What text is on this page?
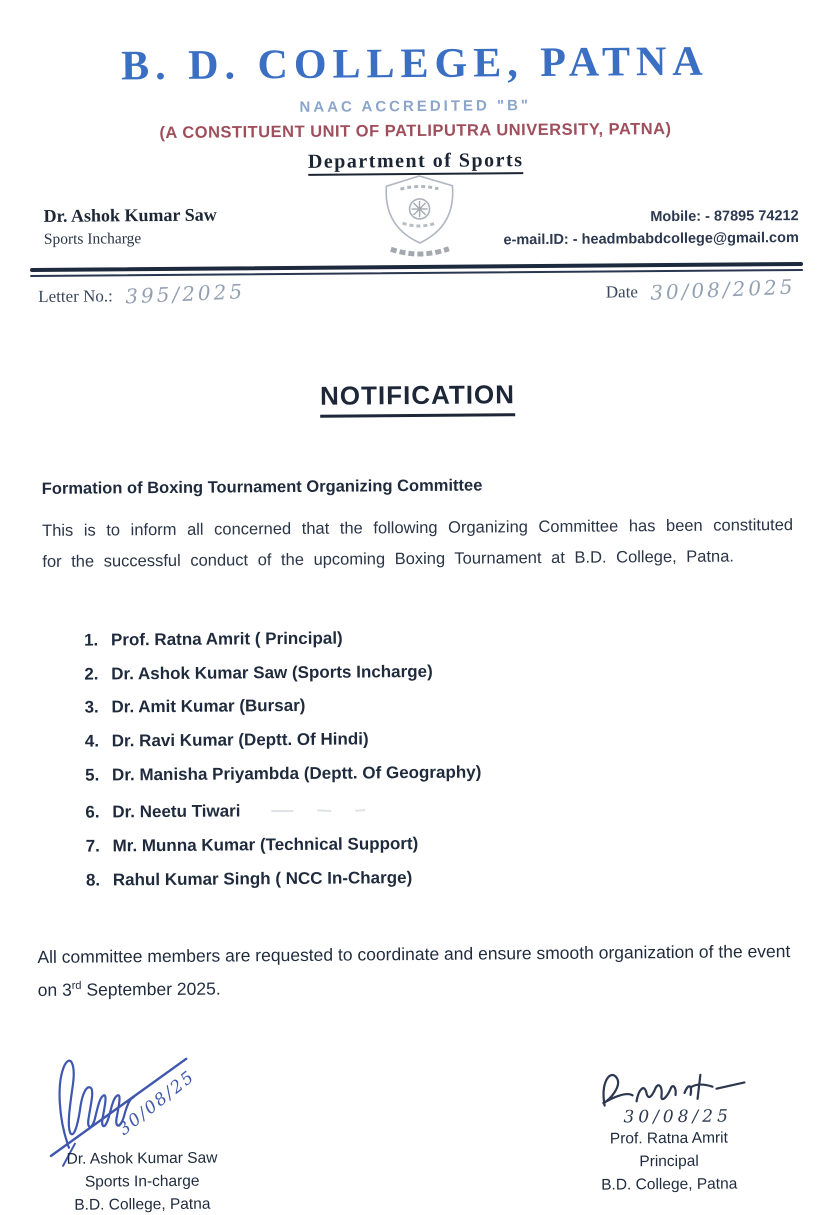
B. D. COLLEGE, PATNA
NAAC ACCREDITED "B"
(A CONSTITUENT UNIT OF PATLIPUTRA UNIVERSITY, PATNA)
Department of Sports
Dr. Ashok Kumar Saw
Sports Incharge
Mobile: - 87895 74212
e-mail.ID: - headmbabdcollege@gmail.com
Letter No.: 395/2025	Date 30/08/2025
NOTIFICATION
Formation of Boxing Tournament Organizing Committee
This is to inform all concerned that the following Organizing Committee has been constituted for the successful conduct of the upcoming Boxing Tournament at B.D. College, Patna.
1. Prof. Ratna Amrit ( Principal)
2. Dr. Ashok Kumar Saw (Sports Incharge)
3. Dr. Amit Kumar (Bursar)
4. Dr. Ravi Kumar (Deptt. Of Hindi)
5. Dr. Manisha Priyambda (Deptt. Of Geography)
6. Dr. Neetu Tiwari
7. Mr. Munna Kumar (Technical Support)
8. Rahul Kumar Singh ( NCC In-Charge)
All committee members are requested to coordinate and ensure smooth organization of the event on 3rd September 2025.
30/08/25
Dr. Ashok Kumar Saw
Sports In-charge
B.D. College, Patna
30/08/25
Prof. Ratna Amrit
Principal
B.D. College, Patna
